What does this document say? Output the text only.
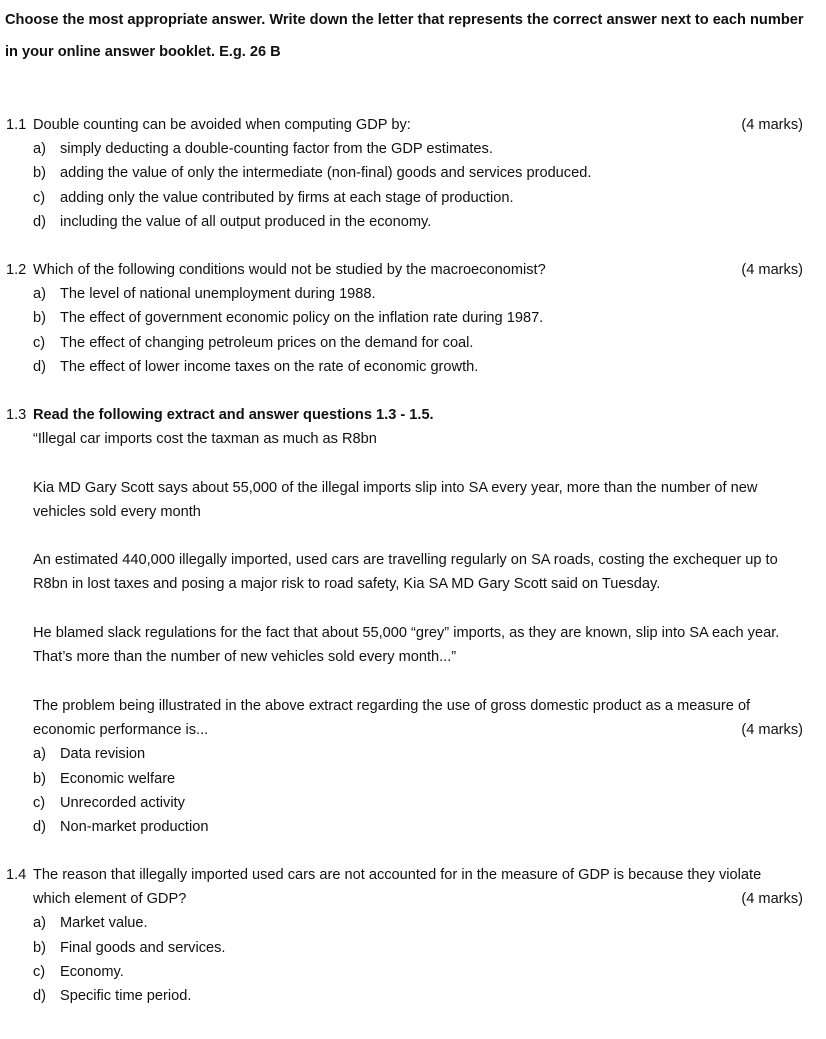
Choose the most appropriate answer. Write down the letter that represents the correct answer next to each number in your online answer booklet. E.g. 26 B

1.1 Double counting can be avoided when computing GDP by:	(4 marks)
a) simply deducting a double-counting factor from the GDP estimates.
b) adding the value of only the intermediate (non-final) goods and services produced.
c) adding only the value contributed by firms at each stage of production.
d) including the value of all output produced in the economy.
1.2 Which of the following conditions would not be studied by the macroeconomist?	(4 marks)
a) The level of national unemployment during 1988.
b) The effect of government economic policy on the inflation rate during 1987.
c) The effect of changing petroleum prices on the demand for coal.
d) The effect of lower income taxes on the rate of economic growth.
1.3 Read the following extract and answer questions 1.3 - 1.5.
“Illegal car imports cost the taxman as much as R8bn
Kia MD Gary Scott says about 55,000 of the illegal imports slip into SA every year, more than the number of new vehicles sold every month
An estimated 440,000 illegally imported, used cars are travelling regularly on SA roads, costing the exchequer up to R8bn in lost taxes and posing a major risk to road safety, Kia SA MD Gary Scott said on Tuesday.
He blamed slack regulations for the fact that about 55,000 “grey” imports, as they are known, slip into SA each year. That’s more than the number of new vehicles sold every month...”
The problem being illustrated in the above extract regarding the use of gross domestic product as a measure of
economic performance is...	(4 marks)
a) Data revision
b) Economic welfare
c) Unrecorded activity
d) Non-market production
1.4 The reason that illegally imported used cars are not accounted for in the measure of GDP is because they violate
which element of GDP?	(4 marks)
a) Market value.
b) Final goods and services.
c) Economy.
d) Specific time period.
